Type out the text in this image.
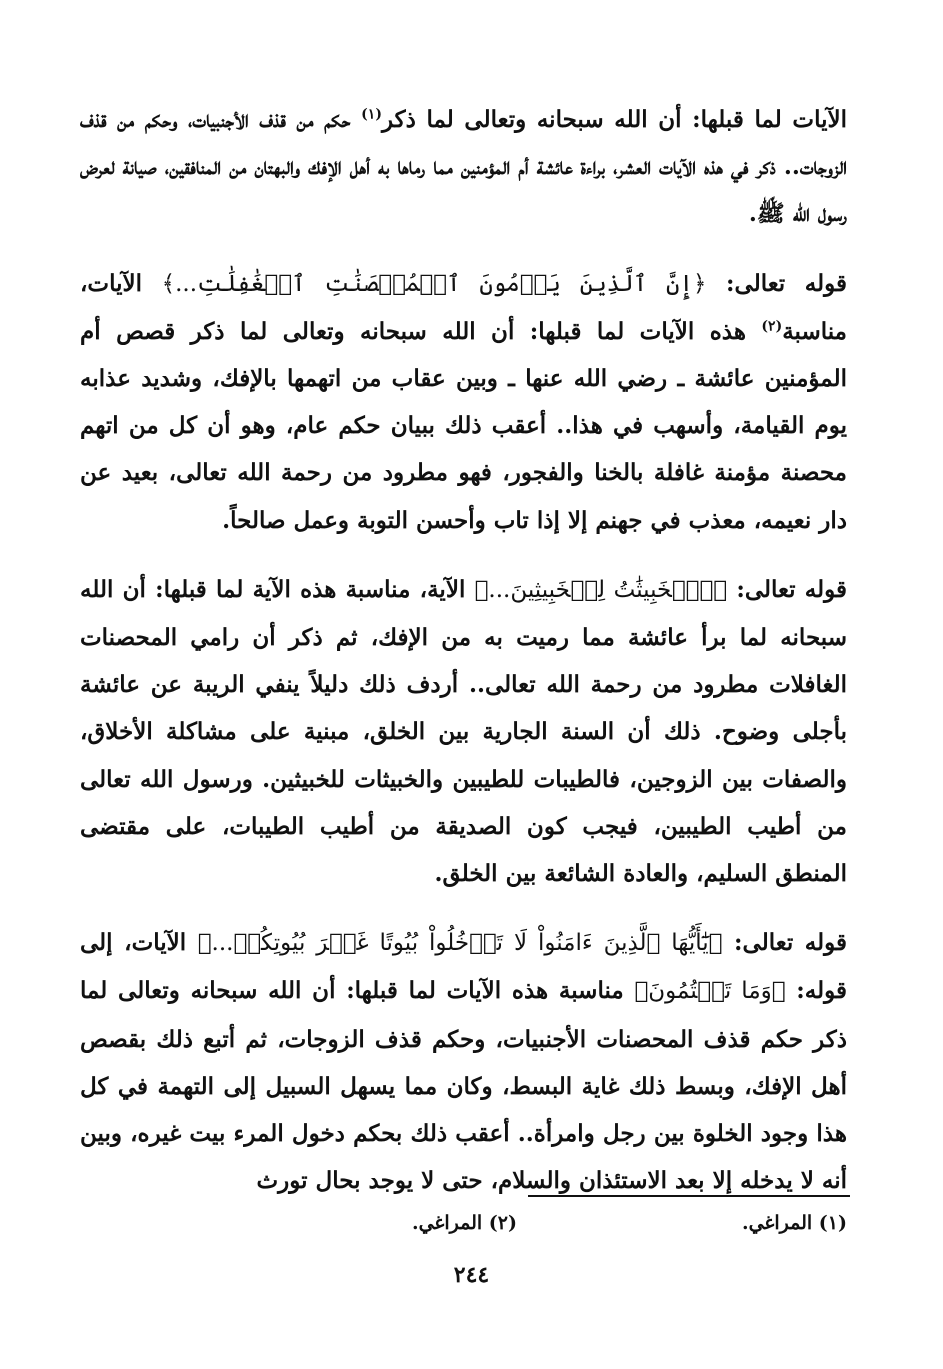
الآيات لما قبلها: أن الله سبحانه وتعالى لما ذكر$^{(١)}$ حكم من قذف الأجنبيات، وحكم من قذف الزوجات.. ذكر في هذه الآيات العشر، براءة عائشة أم المؤمنين مما رماها به أهل الإفك والبهتان من المنافقين، صيانة لعرض رسول الله ﷺ.

قوله تعالى: ﴿إِنَّ ٱلَّذِينَ يَرۡمُونَ ٱلۡمُحۡصَنَٰتِ ٱلۡغَٰفِلَٰتِ...﴾ الآيات، مناسبة$^{(٢)}$ هذه الآيات لما قبلها: أن الله سبحانه وتعالى لما ذكر قصص أم المؤمنين عائشة ـ رضي الله عنها ـ وبين عقاب من اتهمها بالإفك، وشديد عذابه يوم القيامة، وأسهب في هذا.. أعقب ذلك ببيان حكم عام، وهو أن كل من اتهم محصنة مؤمنة غافلة بالخنا والفجور، فهو مطرود من رحمة الله تعالى، بعيد عن دار نعيمه، معذب في جهنم إلا إذا تاب وأحسن التوبة وعمل صالحاً.

قوله تعالى: ﴿ٱلۡخَبِيثَٰتُ لِلۡخَبِيثِينَ...﴾ الآية، مناسبة هذه الآية لما قبلها: أن الله سبحانه لما برأ عائشة مما رميت به من الإفك، ثم ذكر أن رامي المحصنات الغافلات مطرود من رحمة الله تعالى.. أردف ذلك دليلاً ينفي الريبة عن عائشة بأجلى وضوح. ذلك أن السنة الجارية بين الخلق، مبنية على مشاكلة الأخلاق، والصفات بين الزوجين، فالطيبات للطيبين والخبيثات للخبيثين. ورسول الله تعالى من أطيب الطيبين، فيجب كون الصديقة من أطيب الطيبات، على مقتضى المنطق السليم، والعادة الشائعة بين الخلق.

قوله تعالى: ﴿يَٰٓأَيُّهَا ٱلَّذِينَ ءَامَنُواْ لَا تَدۡخُلُواْ بُيُوتًا غَيۡرَ بُيُوتِكُمۡ...﴾ الآيات، إلى قوله: ﴿وَمَا تَكۡتُمُونَ﴾ مناسبة هذه الآيات لما قبلها: أن الله سبحانه وتعالى لما ذكر حكم قذف المحصنات الأجنبيات، وحكم قذف الزوجات، ثم أتبع ذلك بقصص أهل الإفك، وبسط ذلك غاية البسط، وكان مما يسهل السبيل إلى التهمة في كل هذا وجود الخلوة بين رجل وامرأة.. أعقب ذلك بحكم دخول المرء بيت غيره، وبين أنه لا يدخله إلا بعد الاستئذان والسلام، حتى لا يوجد بحال تورث

(١) المراغي.
(٢) المراغي.
٢٤٤
